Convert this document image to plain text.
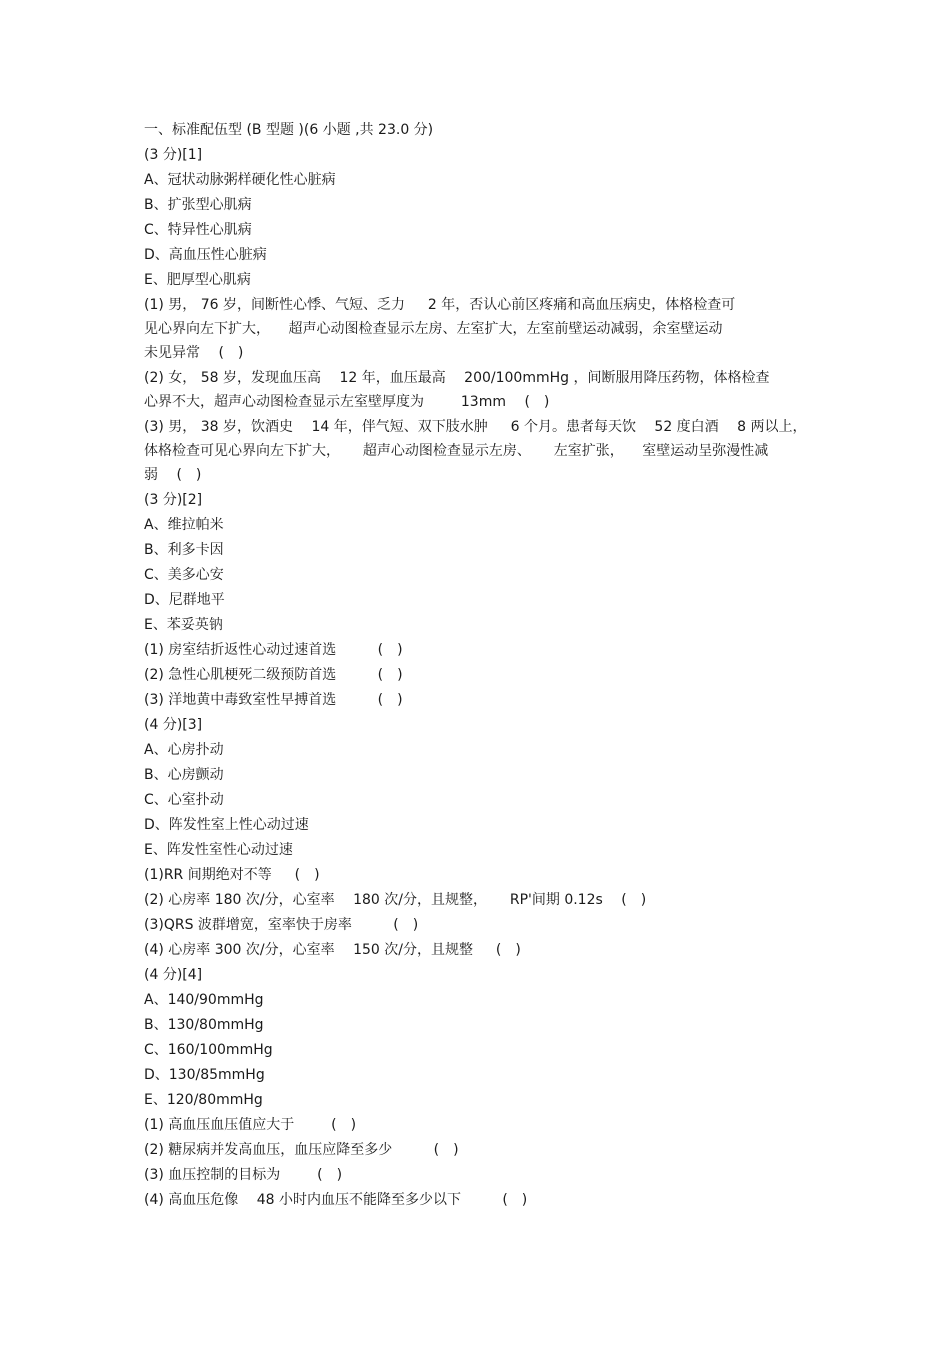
一、标准配伍型 (B 型题 )(6 小题 ,共 23.0 分)
(3 分)[1]
A、冠状动脉粥样硬化性心脏病
B、扩张型心肌病
C、特异性心肌病
D、高血压性心脏病
E、肥厚型心肌病
(1) 男， 76 岁，间断性心悸、气短、乏力 　 2 年，否认心前区疼痛和高血压病史，体格检查可
见心界向左下扩大， 　超声心动图检查显示左房、左室扩大，左室前壁运动减弱，余室壁运动
未见异常 　(　)
(2) 女， 58 岁，发现血压高 　12 年，血压最高 　200/100mmHg ，间断服用降压药物，体格检查
心界不大，超声心动图检查显示左室壁厚度为 　 　13mm 　(　)
(3) 男， 38 岁，饮酒史 　14 年，伴气短、双下肢水肿 　 6 个月。患者每天饮 　52 度白酒 　8 两以上，
体格检查可见心界向左下扩大， 　 超声心动图检查显示左房、 　 左室扩张， 　室壁运动呈弥漫性减
弱 　(　)
(3 分)[2]
A、维拉帕米
B、利多卡因
C、美多心安
D、尼群地平
E、苯妥英钠
(1) 房室结折返性心动过速首选 　 　 (　)
(2) 急性心肌梗死二级预防首选 　 　 (　)
(3) 洋地黄中毒致室性早搏首选 　 　 (　)
(4 分)[3]
A、心房扑动
B、心房颤动
C、心室扑动
D、阵发性室上性心动过速
E、阵发性室性心动过速
(1)RR 间期绝对不等 　 (　)
(2) 心房率 180 次/分，心室率 　180 次/分，且规整， 　 RP'间期 0.12s 　(　)
(3)QRS 波群增宽，室率快于房率 　 　 (　)
(4) 心房率 300 次/分，心室率 　150 次/分，且规整 　 (　)
(4 分)[4]
A、140/90mmHg
B、130/80mmHg
C、160/100mmHg
D、130/85mmHg
E、120/80mmHg
(1) 高血压血压值应大于 　 　(　)
(2) 糖尿病并发高血压，血压应降至多少 　 　 (　)
(3) 血压控制的目标为 　 　(　)
(4) 高血压危像 　48 小时内血压不能降至多少以下 　 　 (　)
